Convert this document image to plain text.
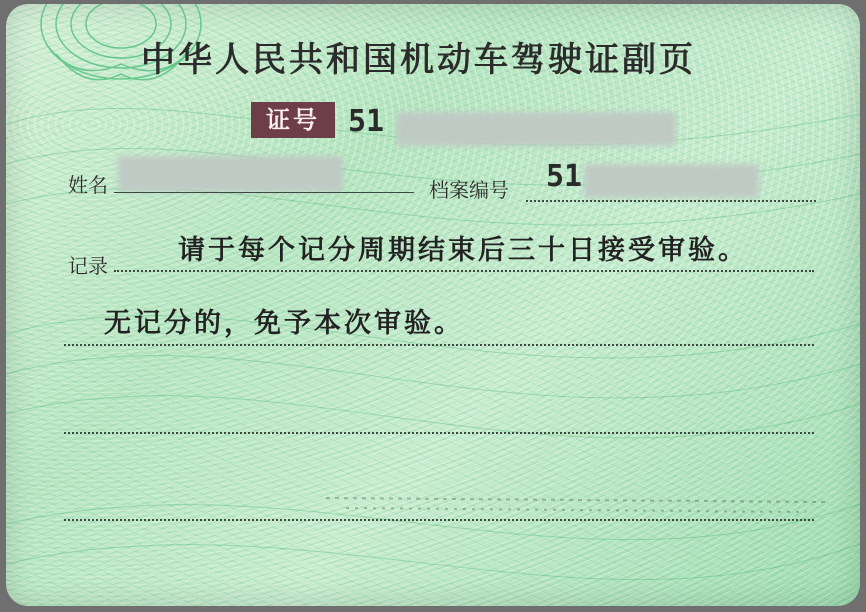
中华人民共和国机动车驾驶证副页
证号 51
姓名	档案编号 51
记录	请于每个记分周期结束后三十日接受审验。
无记分的，免予本次审验。
